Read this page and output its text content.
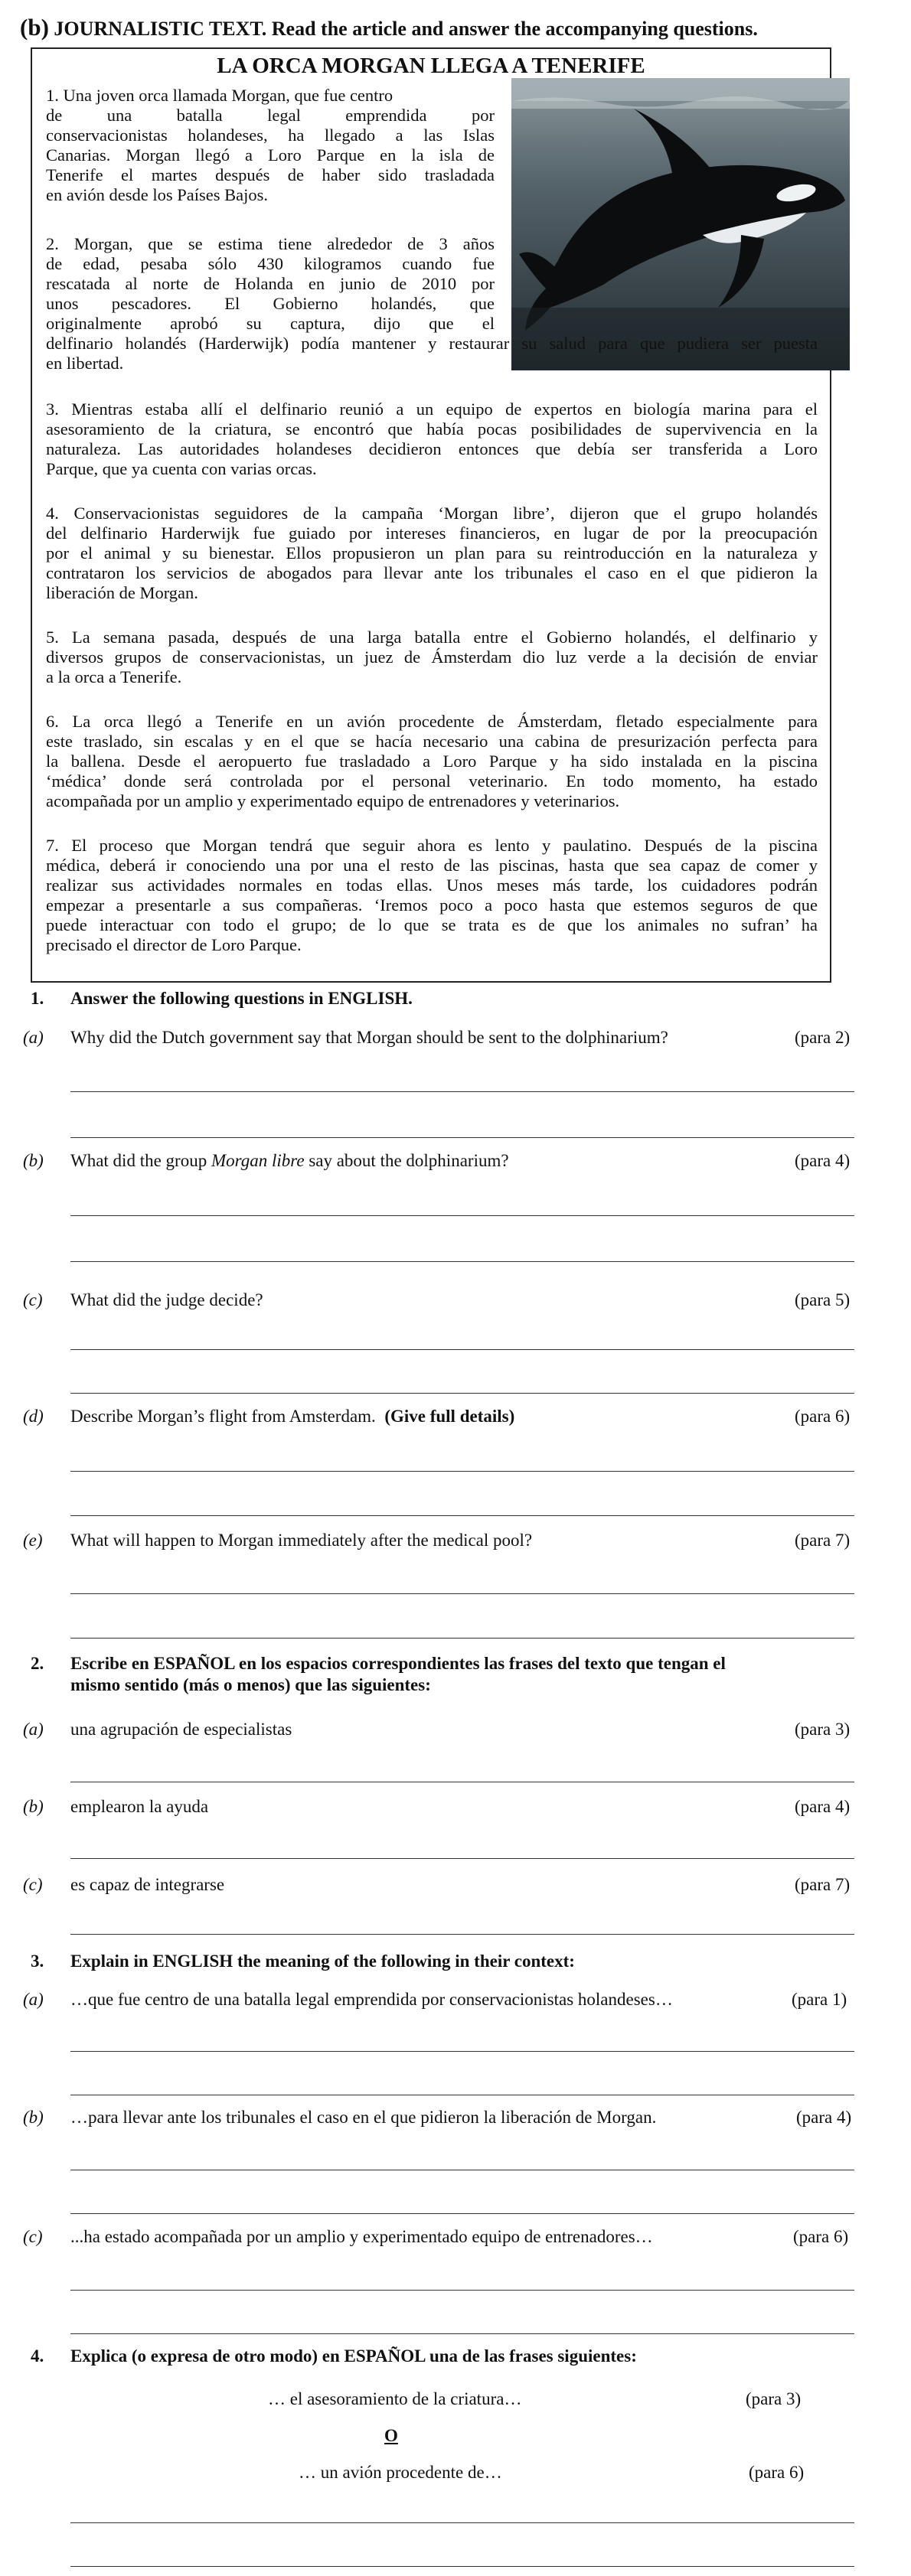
(b) JOURNALISTIC TEXT. Read the article and answer the accompanying questions.
LA ORCA MORGAN LLEGA A TENERIFE
1. Una joven orca llamada Morgan, que fue centro
de una batalla legal emprendida por
conservacionistas holandeses, ha llegado a las Islas
Canarias. Morgan llegó a Loro Parque en la isla de
Tenerife el martes después de haber sido trasladada
en avión desde los Países Bajos.
2. Morgan, que se estima tiene alrededor de 3 años
de edad, pesaba sólo 430 kilogramos cuando fue
rescatada al norte de Holanda en junio de 2010 por
unos pescadores. El Gobierno holandés, que
originalmente aprobó su captura, dijo que el
delfinario holandés (Harderwijk) podía mantener y restaurar su salud para que pudiera ser puesta
en libertad.
3. Mientras estaba allí el delfinario reunió a un equipo de expertos en biología marina para el
asesoramiento de la criatura, se encontró que había pocas posibilidades de supervivencia en la
naturaleza. Las autoridades holandeses decidieron entonces que debía ser transferida a Loro
Parque, que ya cuenta con varias orcas.
4. Conservacionistas seguidores de la campaña ‘Morgan libre’, dijeron que el grupo holandés
del delfinario Harderwijk fue guiado por intereses financieros, en lugar de por la preocupación
por el animal y su bienestar. Ellos propusieron un plan para su reintroducción en la naturaleza y
contrataron los servicios de abogados para llevar ante los tribunales el caso en el que pidieron la
liberación de Morgan.
5. La semana pasada, después de una larga batalla entre el Gobierno holandés, el delfinario y
diversos grupos de conservacionistas, un juez de Ámsterdam dio luz verde a la decisión de enviar
a la orca a Tenerife.
6. La orca llegó a Tenerife en un avión procedente de Ámsterdam, fletado especialmente para
este traslado, sin escalas y en el que se hacía necesario una cabina de presurización perfecta para
la ballena. Desde el aeropuerto fue trasladado a Loro Parque y ha sido instalada en la piscina
‘médica’ donde será controlada por el personal veterinario. En todo momento, ha estado
acompañada por un amplio y experimentado equipo de entrenadores y veterinarios.
7. El proceso que Morgan tendrá que seguir ahora es lento y paulatino. Después de la piscina
médica, deberá ir conociendo una por una el resto de las piscinas, hasta que sea capaz de comer y
realizar sus actividades normales en todas ellas. Unos meses más tarde, los cuidadores podrán
empezar a presentarle a sus compañeras. ‘Iremos poco a poco hasta que estemos seguros de que
puede interactuar con todo el grupo; de lo que se trata es de que los animales no sufran’ ha
precisado el director de Loro Parque.
1. Answer the following questions in ENGLISH.
(a) Why did the Dutch government say that Morgan should be sent to the dolphinarium?	(para 2)
(b) What did the group Morgan libre say about the dolphinarium?	(para 4)
(c) What did the judge decide?	(para 5)
(d) Describe Morgan’s flight from Amsterdam. (Give full details)	(para 6)
(e) What will happen to Morgan immediately after the medical pool?	(para 7)
2. Escribe en ESPAÑOL en los espacios correspondientes las frases del texto que tengan el
mismo sentido (más o menos) que las siguientes:
(a) una agrupación de especialistas	(para 3)
(b) emplearon la ayuda	(para 4)
(c) es capaz de integrarse	(para 7)
3. Explain in ENGLISH the meaning of the following in their context:
(a) …que fue centro de una batalla legal emprendida por conservacionistas holandeses…	(para 1)
(b) …para llevar ante los tribunales el caso en el que pidieron la liberación de Morgan.	(para 4)
(c) ...ha estado acompañada por un amplio y experimentado equipo de entrenadores…	(para 6)
4. Explica (o expresa de otro modo) en ESPAÑOL una de las frases siguientes:
… el asesoramiento de la criatura…	(para 3)
O
… un avión procedente de…	(para 6)
